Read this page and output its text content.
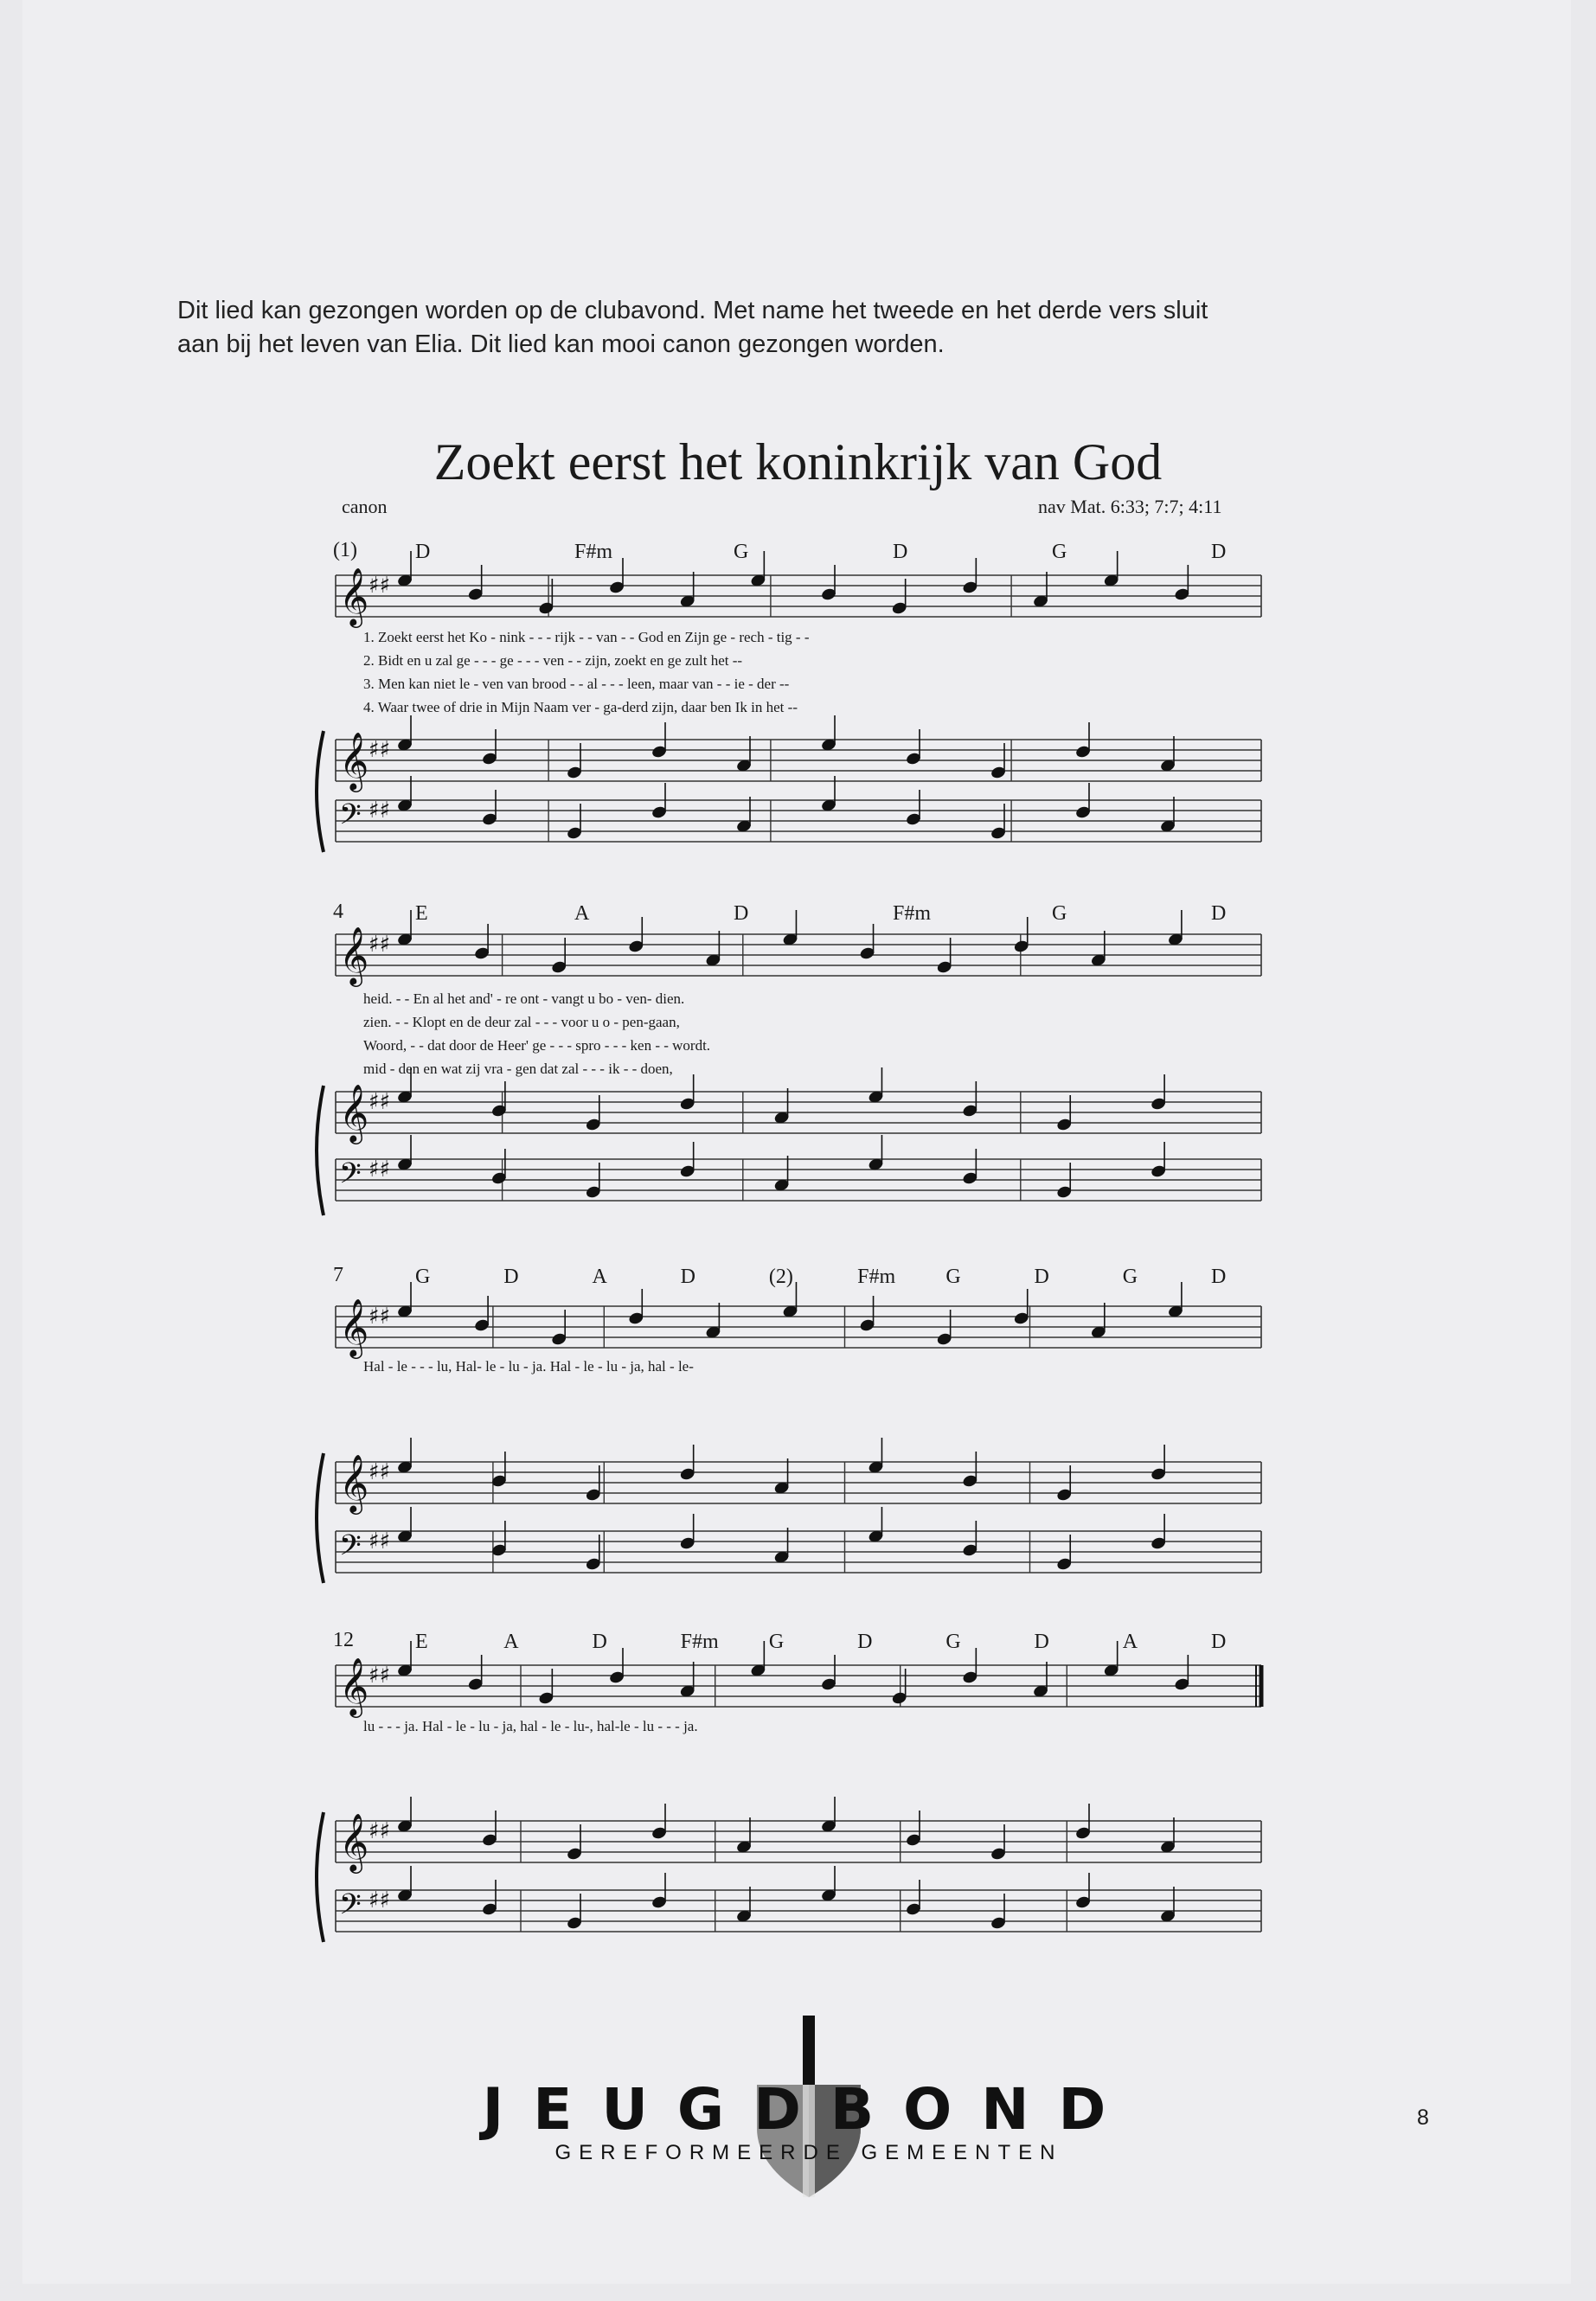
Dit lied kan gezongen worden op de clubavond. Met name het tweede en het derde vers sluit
aan bij het leven van Elia. Dit lied kan mooi canon gezongen worden.
Zoekt eerst het koninkrijk van God
canon	nav Mat. 6:33; 7:7; 4:11
(1)	D	F#m	G	D	G	D
𝄞 ♯♯
1. Zoekt eerst het Ko - nink - - - rijk - - van - - God en Zijn ge - rech - tig - -
2. Bidt en u zal ge - - - ge - - - ven - - zijn, zoekt en ge zult het --
3. Men kan niet le - ven van brood - - al - - - leen, maar van - - ie - der --
4. Waar twee of drie in Mijn Naam ver - ga-derd zijn, daar ben Ik in het --
𝄞 ♯♯
𝄢 ♯♯
4	E	A	D	F#m	G	D
𝄞 ♯♯
heid. - - En al het and' - re ont - vangt u bo - ven- dien.
zien. - - Klopt en de deur zal - - - voor u o - pen-gaan,
Woord, - - dat door de Heer' ge - - - spro - - - ken - - wordt.
mid - den en wat zij vra - gen dat zal - - - ik - - doen,
𝄞 ♯♯
𝄢 ♯♯
7	G	D	A	D	(2)	F#m G	D	G	D
𝄞 ♯♯
Hal - le - - - lu, Hal- le - lu - ja. Hal - le - lu - ja, hal - le-
𝄞 ♯♯
𝄢 ♯♯
12	E	A	D	F#m G	D	G	D	A	D
𝄞 ♯♯
lu - - - ja. Hal - le - lu - ja, hal - le - lu-, hal-le - lu - - - ja.
𝄞 ♯♯
𝄢 ♯♯
JEUGDBOND
GEREFORMEERDE GEMEENTEN
8
